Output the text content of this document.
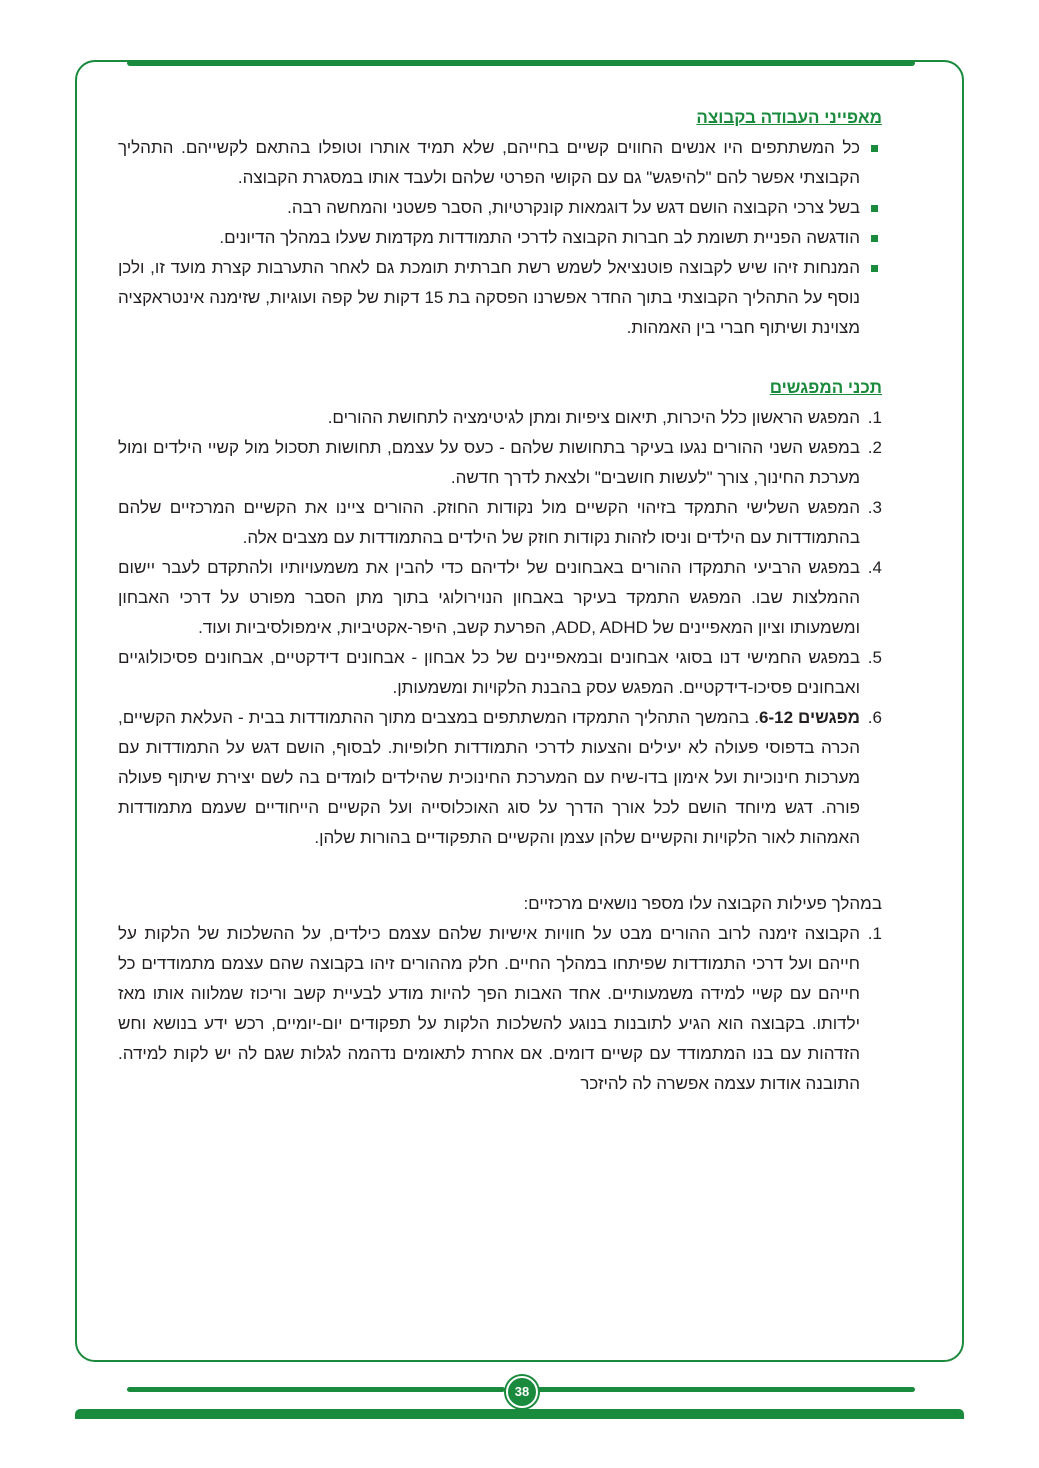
מאפייני העבודה בקבוצה
כל המשתתפים היו אנשים החווים קשיים בחייהם, שלא תמיד אותרו וטופלו בהתאם לקשייהם. התהליך הקבוצתי אפשר להם "להיפגש" גם עם הקושי הפרטי שלהם ולעבד אותו במסגרת הקבוצה.
בשל צרכי הקבוצה הושם דגש על דוגמאות קונקרטיות, הסבר פשטני והמחשה רבה.
הודגשה הפניית תשומת לב חברות הקבוצה לדרכי התמודדות מקדמות שעלו במהלך הדיונים.
המנחות זיהו שיש לקבוצה פוטנציאל לשמש רשת חברתית תומכת גם לאחר התערבות קצרת מועד זו, ולכן נוסף על התהליך הקבוצתי בתוך החדר אפשרנו הפסקה בת 15 דקות של קפה ועוגיות, שזימנה אינטראקציה מצוינת ושיתוף חברי בין האמהות.
תכני המפגשים
1.
המפגש הראשון כלל היכרות, תיאום ציפיות ומתן לגיטימציה לתחושת ההורים.
2.
במפגש השני ההורים נגעו בעיקר בתחושות שלהם - כעס על עצמם, תחושות תסכול מול קשיי הילדים ומול מערכת החינוך, צורך "לעשות חושבים" ולצאת לדרך חדשה.
3.
המפגש השלישי התמקד בזיהוי הקשיים מול נקודות החוזק. ההורים ציינו את הקשיים המרכזיים שלהם בהתמודדות עם הילדים וניסו לזהות נקודות חוזק של הילדים בהתמודדות עם מצבים אלה.
4.
במפגש הרביעי התמקדו ההורים באבחונים של ילדיהם כדי להבין את משמעויותיו ולהתקדם לעבר יישום ההמלצות שבו. המפגש התמקד בעיקר באבחון הנוירולוגי בתוך מתן הסבר מפורט על דרכי האבחון ומשמעותו וציון המאפיינים של ADD, ADHD, הפרעת קשב, היפר-אקטיביות, אימפולסיביות ועוד.
5.
במפגש החמישי דנו בסוגי אבחונים ובמאפיינים של כל אבחון - אבחונים דידקטיים, אבחונים פסיכולוגיים ואבחונים פסיכו-דידקטיים. המפגש עסק בהבנת הלקויות ומשמעותן.
6.
מפגשים 6-12. בהמשך התהליך התמקדו המשתתפים במצבים מתוך ההתמודדות בבית - העלאת הקשיים, הכרה בדפוסי פעולה לא יעילים והצעות לדרכי התמודדות חלופיות. לבסוף, הושם דגש על התמודדות עם מערכות חינוכיות ועל אימון בדו-שיח עם המערכת החינוכית שהילדים לומדים בה לשם יצירת שיתוף פעולה פורה. דגש מיוחד הושם לכל אורך הדרך על סוג האוכלוסייה ועל הקשיים הייחודיים שעמם מתמודדות האמהות לאור הלקויות והקשיים שלהן עצמן והקשיים התפקודיים בהורות שלהן.

במהלך פעילות הקבוצה עלו מספר נושאים מרכזיים:

1.
הקבוצה זימנה לרוב ההורים מבט על חוויות אישיות שלהם עצמם כילדים, על ההשלכות של הלקות על חייהם ועל דרכי התמודדות שפיתחו במהלך החיים. חלק מההורים זיהו בקבוצה שהם עצמם מתמודדים כל חייהם עם קשיי למידה משמעותיים. אחד האבות הפך להיות מודע לבעיית קשב וריכוז שמלווה אותו מאז ילדותו. בקבוצה הוא הגיע לתובנות בנוגע להשלכות הלקות על תפקודים יום-יומיים, רכש ידע בנושא וחש הזדהות עם בנו המתמודד עם קשיים דומים. אם אחרת לתאומים נדהמה לגלות שגם לה יש לקות למידה. התובנה אודות עצמה אפשרה לה להיזכר
38
